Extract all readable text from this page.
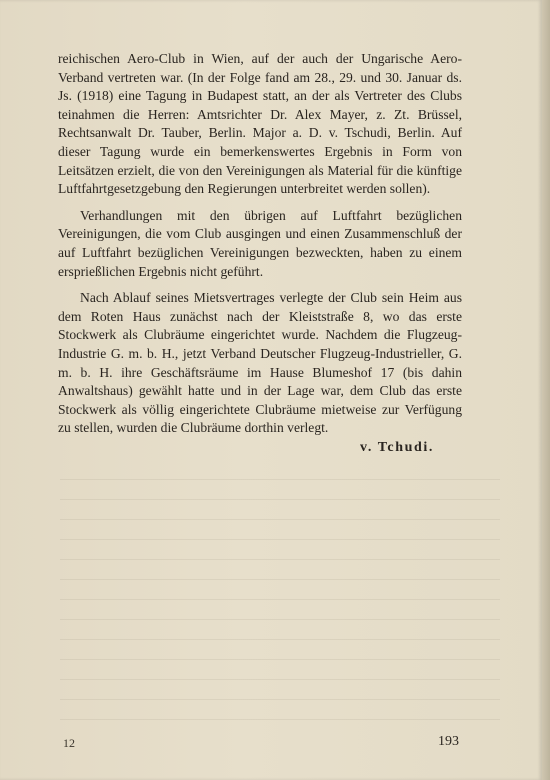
reichischen Aero-Club in Wien, auf der auch der Ungarische Aero-Verband vertreten war. (In der Folge fand am 28., 29. und 30. Januar ds. Js. (1918) eine Tagung in Budapest statt, an der als Vertreter des Clubs teinahmen die Herren: Amtsrichter Dr. Alex Mayer, z. Zt. Brüssel, Rechtsanwalt Dr. Tauber, Berlin. Major a. D. v. Tschudi, Berlin. Auf dieser Tagung wurde ein bemerkenswertes Ergebnis in Form von Leitsätzen erzielt, die von den Vereinigungen als Material für die künftige Luftfahrtgesetzgebung den Regierungen unterbreitet werden sollen).

Verhandlungen mit den übrigen auf Luftfahrt bezüglichen Vereinigungen, die vom Club ausgingen und einen Zusammenschluß der auf Luftfahrt bezüglichen Vereinigungen bezweckten, haben zu einem ersprießlichen Ergebnis nicht geführt.

Nach Ablauf seines Mietsvertrages verlegte der Club sein Heim aus dem Roten Haus zunächst nach der Kleiststraße 8, wo das erste Stockwerk als Clubräume eingerichtet wurde. Nachdem die Flugzeug-Industrie G. m. b. H., jetzt Verband Deutscher Flugzeug-Industrieller, G. m. b. H. ihre Geschäftsräume im Hause Blumeshof 17 (bis dahin Anwaltshaus) gewählt hatte und in der Lage war, dem Club das erste Stockwerk als völlig eingerichtete Clubräume mietweise zur Verfügung zu stellen, wurden die Clubräume dorthin verlegt.

v. Tchudi.
12	193
